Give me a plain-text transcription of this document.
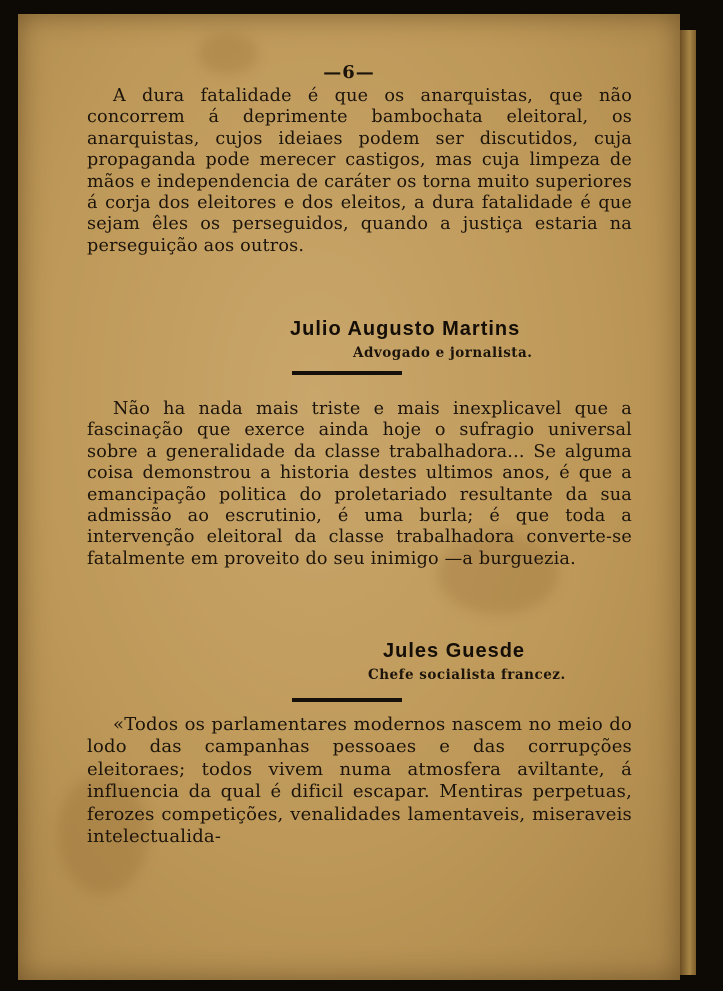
—6—

A dura fatalidade é que os anarquistas, que não concorrem á deprimente bambochata eleitoral, os anarquistas, cujos ideiaes podem ser discutidos, cuja propaganda pode merecer castigos, mas cuja limpeza de mãos e independencia de caráter os torna muito superiores á corja dos eleitores e dos eleitos, a dura fatalidade é que sejam êles os perseguidos, quando a justiça estaria na perseguição aos outros.

Julio Augusto Martins

Advogado e jornalista.

Não ha nada mais triste e mais inexplicavel que a fascinação que exerce ainda hoje o sufragio universal sobre a generalidade da classe trabalhadora... Se alguma coisa demonstrou a historia destes ultimos anos, é que a emancipação politica do proletariado resultante da sua admissão ao escrutinio, é uma burla; é que toda a intervenção eleitoral da classe trabalhadora converte-se fatalmente em proveito do seu inimigo —a burguezia.

Jules Guesde

Chefe socialista francez.

«Todos os parlamentares modernos nascem no meio do lodo das campanhas pessoaes e das corrupções eleitoraes; todos vivem numa atmosfera aviltante, á influencia da qual é dificil escapar. Mentiras perpetuas, ferozes competições, venalidades lamentaveis, miseraveis intelectualida-
